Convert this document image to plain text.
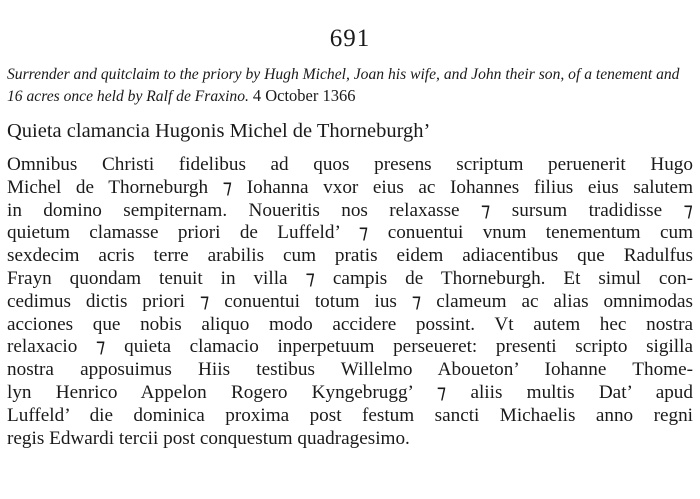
691
Surrender and quitclaim to the priory by Hugh Michel, Joan his wife, and John their son, of a tenement and 16 acres once held by Ralf de Fraxino. 4 October 1366
Quieta clamancia Hugonis Michel de Thorneburgh’
Omnibus Christi fidelibus ad quos presens scriptum peruenerit Hugo
Michel de Thorneburgh ⁊ Iohanna vxor eius ac Iohannes filius eius salutem
in domino sempiternam. Noueritis nos relaxasse ⁊ sursum tradidisse ⁊
quietum clamasse priori de Luffeld’ ⁊ conuentui vnum tenementum cum
sexdecim acris terre arabilis cum pratis eidem adiacentibus que Radulfus
Frayn quondam tenuit in villa ⁊ campis de Thorneburgh. Et simul con-
cedimus dictis priori ⁊ conuentui totum ius ⁊ clameum ac alias omnimodas
acciones que nobis aliquo modo accidere possint. Vt autem hec nostra
relaxacio ⁊ quieta clamacio inperpetuum perseueret: presenti scripto sigilla
nostra apposuimus Hiis testibus Willelmo Aboueton’ Iohanne Thome-
lyn Henrico Appelon Rogero Kyngebrugg’ ⁊ aliis multis Dat’ apud
Luffeld’ die dominica proxima post festum sancti Michaelis anno regni
regis Edwardi tercii post conquestum quadragesimo.
